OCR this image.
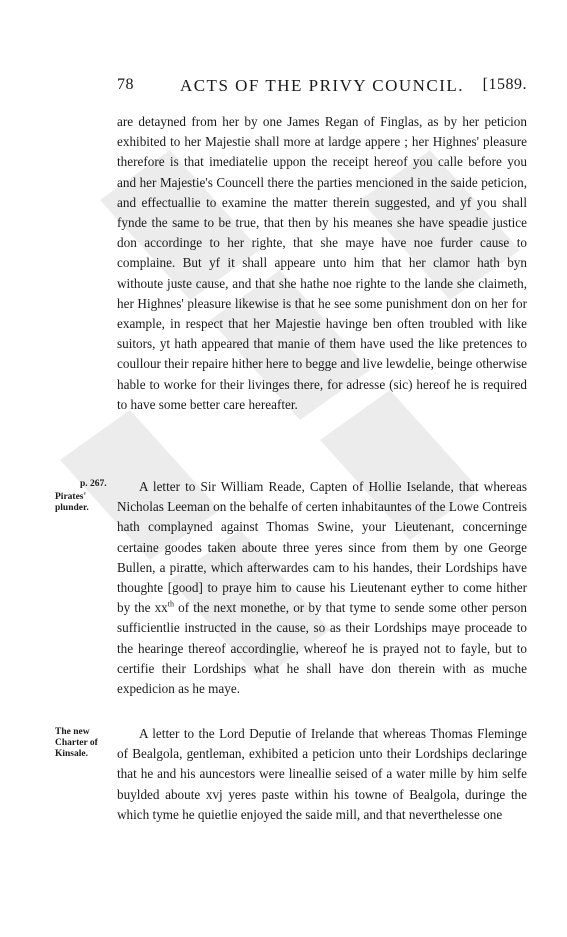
78	ACTS OF THE PRIVY COUNCIL.	[1589.

are detayned from her by one James Regan of Finglas, as by her peticion exhibited to her Majestie shall more at lardge appere ; her Highnes' pleasure therefore is that imediatelie uppon the receipt hereof you calle before you and her Majestie's Councell there the parties mencioned in the saide peticion, and effectuallie to examine the matter therein suggested, and yf you shall fynde the same to be true, that then by his meanes she have speadie justice don accordinge to her righte, that she maye have noe furder cause to complaine. But yf it shall appeare unto him that her clamor hath byn withoute juste cause, and that she hathe noe righte to the lande she claimeth, her Highnes' pleasure likewise is that he see some punishment don on her for example, in respect that her Majestie havinge ben often troubled with like suitors, yt hath appeared that manie of them have used the like pretences to coullour their repaire hither here to begge and live lewdelie, beinge otherwise hable to worke for their livinges there, for adresse (sic) hereof he is required to have some better care hereafter.

p. 267.
Pirates' plunder.

A letter to Sir William Reade, Capten of Hollie Iselande, that whereas Nicholas Leeman on the behalfe of certen inhabitauntes of the Lowe Contreis hath complayned against Thomas Swine, your Lieutenant, concerninge certaine goodes taken aboute three yeres since from them by one George Bullen, a piratte, which afterwardes cam to his handes, their Lordships have thoughte [good] to praye him to cause his Lieutenant eyther to come hither by the $xx^{th}$ of the next monethe, or by that tyme to sende some other person sufficientlie instructed in the cause, so as their Lordships maye proceade to the hearinge thereof accordinglie, whereof he is prayed not to fayle, but to certifie their Lordships what he shall have don therein with as muche expedicion as he maye.

The new Charter of Kinsale.

A letter to the Lord Deputie of Irelande that whereas Thomas Fleminge of Bealgola, gentleman, exhibited a peticion unto their Lordships declaringe that he and his auncestors were lineallie seised of a water mille by him selfe buylded aboute xvj yeres paste within his towne of Bealgola, duringe the which tyme he quietlie enjoyed the saide mill, and that neverthelesse one
